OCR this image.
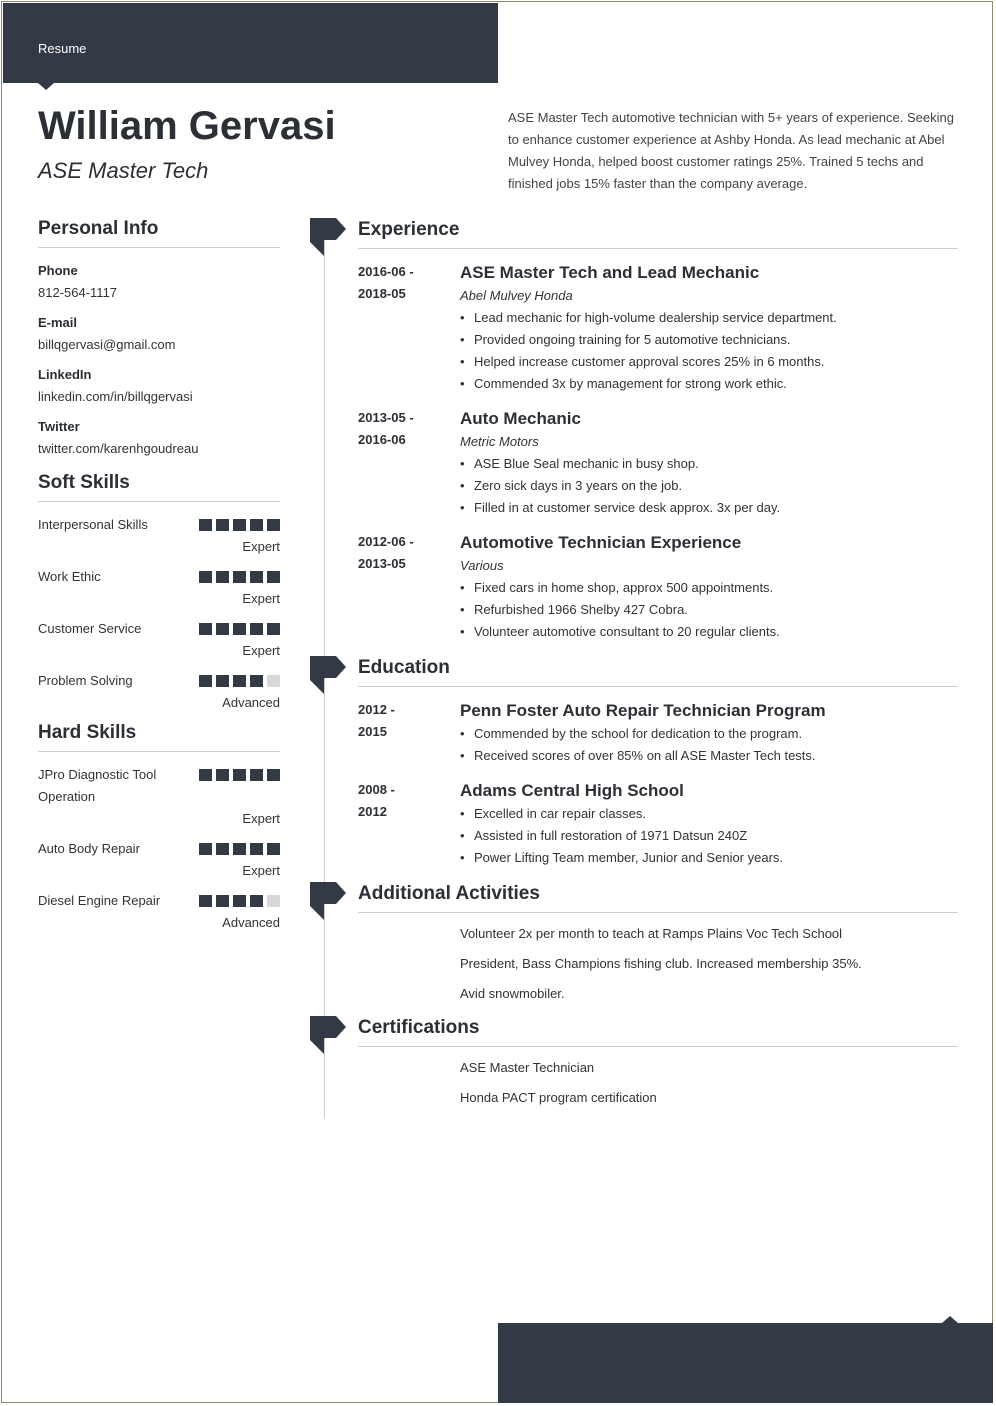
Resume
William Gervasi
ASE Master Tech
ASE Master Tech automotive technician with 5+ years of experience. Seeking to enhance customer experience at Ashby Honda. As lead mechanic at Abel Mulvey Honda, helped boost customer ratings 25%. Trained 5 techs and finished jobs 15% faster than the company average.
Personal Info
Phone
812-564-1117
E-mail
billqgervasi@gmail.com
LinkedIn
linkedin.com/in/billqgervasi
Twitter
twitter.com/karenhgoudreau
Soft Skills
Interpersonal Skills
Expert
Work Ethic
Expert
Customer Service
Expert
Problem Solving
Advanced
Hard Skills
JPro Diagnostic Tool Operation
Expert
Auto Body Repair
Expert
Diesel Engine Repair
Advanced
Experience
2016-06 -
2018-05
ASE Master Tech and Lead Mechanic
Abel Mulvey Honda
• Lead mechanic for high-volume dealership service department.
• Provided ongoing training for 5 automotive technicians.
• Helped increase customer approval scores 25% in 6 months.
• Commended 3x by management for strong work ethic.
2013-05 -
2016-06
Auto Mechanic
Metric Motors
• ASE Blue Seal mechanic in busy shop.
• Zero sick days in 3 years on the job.
• Filled in at customer service desk approx. 3x per day.
2012-06 -
2013-05
Automotive Technician Experience
Various
• Fixed cars in home shop, approx 500 appointments.
• Refurbished 1966 Shelby 427 Cobra.
• Volunteer automotive consultant to 20 regular clients.
Education
2012 -
2015
Penn Foster Auto Repair Technician Program
• Commended by the school for dedication to the program.
• Received scores of over 85% on all ASE Master Tech tests.
2008 -
2012
Adams Central High School
• Excelled in car repair classes.
• Assisted in full restoration of 1971 Datsun 240Z
• Power Lifting Team member, Junior and Senior years.
Additional Activities
Volunteer 2x per month to teach at Ramps Plains Voc Tech School
President, Bass Champions fishing club. Increased membership 35%.
Avid snowmobiler.
Certifications
ASE Master Technician
Honda PACT program certification
